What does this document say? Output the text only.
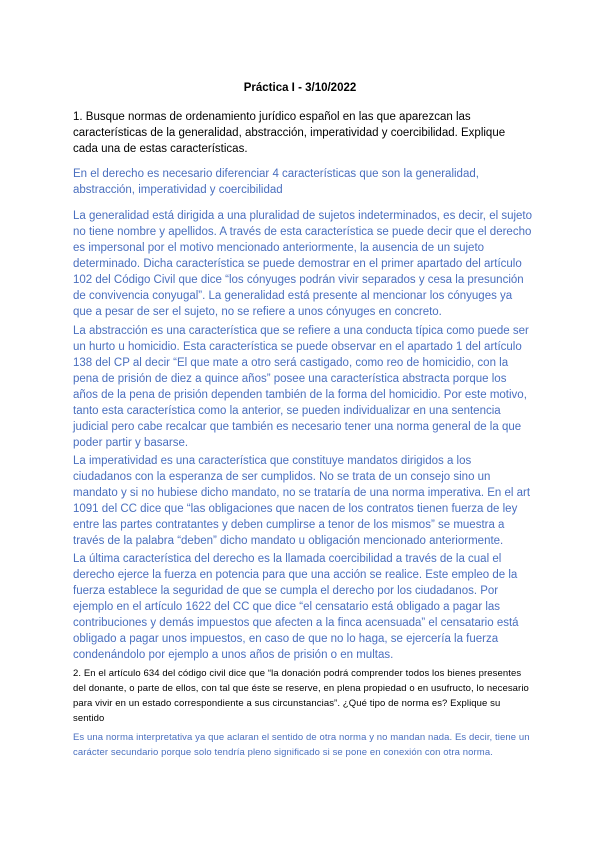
Práctica I - 3/10/2022

1. Busque normas de ordenamiento jurídico español en las que aparezcan las características de la generalidad, abstracción, imperatividad y coercibilidad. Explique cada una de estas características.

En el derecho es necesario diferenciar 4 características que son la generalidad, abstracción, imperatividad y coercibilidad

La generalidad está dirigida a una pluralidad de sujetos indeterminados, es decir, el sujeto no tiene nombre y apellidos. A través de esta característica se puede decir que el derecho es impersonal por el motivo mencionado anteriormente, la ausencia de un sujeto determinado. Dicha característica se puede demostrar en el primer apartado del artículo 102 del Código Civil que dice “los cónyuges podrán vivir separados y cesa la presunción de convivencia conyugal”. La generalidad está presente al mencionar los cónyuges ya que a pesar de ser el sujeto, no se refiere a unos cónyuges en concreto.

La abstracción es una característica que se refiere a una conducta típica como puede ser un hurto u homicidio. Esta característica se puede observar en el apartado 1 del artículo 138 del CP al decir “El que mate a otro será castigado, como reo de homicidio, con la pena de prisión de diez a quince años” posee una característica abstracta porque los años de la pena de prisión dependen también de la forma del homicidio. Por este motivo, tanto esta característica como la anterior, se pueden individualizar en una sentencia judicial pero cabe recalcar que también es necesario tener una norma general de la que poder partir y basarse.

La imperatividad es una característica que constituye mandatos dirigidos a los ciudadanos con la esperanza de ser cumplidos. No se trata de un consejo sino un mandato y si no hubiese dicho mandato, no se trataría de una norma imperativa. En el art 1091 del CC dice que “las obligaciones que nacen de los contratos tienen fuerza de ley entre las partes contratantes y deben cumplirse a tenor de los mismos” se muestra a través de la palabra “deben” dicho mandato u obligación mencionado anteriormente.

La última característica del derecho es la llamada coercibilidad a través de la cual el derecho ejerce la fuerza en potencia para que una acción se realice. Este empleo de la fuerza establece la seguridad de que se cumpla el derecho por los ciudadanos. Por ejemplo en el artículo 1622 del CC que dice “el censatario está obligado a pagar las contribuciones y demás impuestos que afecten a la finca acensuada” el censatario está obligado a pagar unos impuestos, en caso de que no lo haga, se ejercería la fuerza condenándolo por ejemplo a unos años de prisión o en multas.

2. En el artículo 634 del código civil dice que “la donación podrá comprender todos los bienes presentes del donante, o parte de ellos, con tal que éste se reserve, en plena propiedad o en usufructo, lo necesario para vivir en un estado correspondiente a sus circunstancias”. ¿Qué tipo de norma es? Explique su sentido

Es una norma interpretativa ya que aclaran el sentido de otra norma y no mandan nada. Es decir, tiene un carácter secundario porque solo tendría pleno significado si se pone en conexión con otra norma.
